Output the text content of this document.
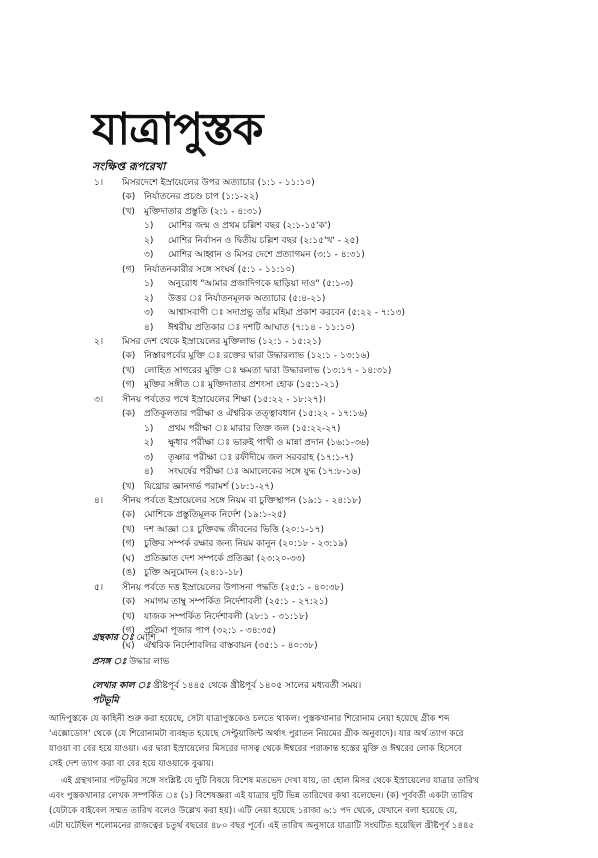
যাত্রাপুস্তক
সংক্ষিপ্ত রূপরেখা
১।	মিসরদেশে ইস্রায়েলের উপর অত্যাচার (১:১ - ১১:১০)
(ক) নির্যাতনের প্রচণ্ড চাপ (১:১-২২)
(খ)	মুক্তিদাতার প্রস্তুতি (২:১ - ৪:৩১)
১)	মোশির জন্ম ও প্রথম চল্লিশ বছর (২:১-১৫'ক')
২)	মোশির নির্বাসন ও দ্বিতীয় চল্লিশ বছর (২:১৫'খ' - ২৫)
৩)	মোশির আহ্বান ও মিসর দেশে প্রত্যাগমন (৩:১ - ৪:৩১)
(গ)	নির্যাতনকারীর সঙ্গে সংঘর্ষ (৫:১ - ১১:১০)
১)	অনুরোধ "আমার প্রজাদিগকে ছাড়িয়া দাও" (৫:১-৩)
২)	উত্তর ঃ নির্যাতনমূলক অত্যাচার (৫:৪-২১)
৩)	আশ্বাসবাণী ঃ সদাপ্রভু তাঁর মহিমা প্রকাশ করবেন (৫:২২ - ৭:১৩)
৪)	ঈশ্বরীয় প্রতিকার ঃ দশটি আঘাত (৭:১৪ - ১১:১০)
২।	মিসর দেশ থেকে ইস্রায়েলের মুক্তিলাভ (১২:১ - ১৫:২১)
(ক) নিস্তারপর্বের মুক্তি ঃ রক্তের দ্বারা উদ্ধারলাভ (১২:১ - ১৩:১৬)
(খ)	লোহিত সাগরের মুক্তি ঃ ক্ষমতা দ্বারা উদ্ধারলাভ (১৩:১৭ - ১৪:৩১)
(গ)	মুক্তির সঙ্গীত ঃ মুক্তিদাতার প্রশংসা হোক (১৫:১-২১)
৩।	সীনয় পর্বতের পথে ইস্রায়েলের শিক্ষা (১৫:২২ - ১৮:২৭)।
(ক) প্রতিকূলতার পরীক্ষা ও ঐশ্বরিক তত্ত্বাবধান (১৫:২২ - ১৭:১৬)
১)	প্রথম পরীক্ষা ঃ মারার তিক্ত জল (১৫:২২-২৭)
২)	ক্ষুধার পরীক্ষা ঃ ভারুই পাখী ও মান্না প্রদান (১৬:১-৩৬)
৩)	তৃষ্ণার পরীক্ষা ঃ রফীদীমে জল সরবরাহ (১৭:১-৭)
৪)	সংঘর্ষের পরীক্ষা ঃ অমালেকের সঙ্গে যুদ্ধ (১৭:৮-১৬)
(খ)	যিথ্রোর জ্ঞানগর্ভ পরামর্শ (১৮:১-২৭)
৪।	সীনয় পর্বতে ইস্রায়েলের সঙ্গে নিয়ম বা চুক্তিস্থাপন (১৯:১ - ২৪:১৮)
(ক) মোশিকে প্রস্তুতিমূলক নির্দেশ (১৯:১-২৫)
(খ)	দশ আজ্ঞা ঃ চুক্তিবদ্ধ জীবনের ভিত্তি (২০:১-১৭)
(গ)	চুক্তির সম্পর্ক রক্ষার জন্য নিয়ম কানুন (২০:১৮ - ২৩:১৯)
(ঘ)	প্রতিজ্ঞাত দেশ সম্পর্কে প্রতিজ্ঞা (২৩:২০-৩৩)
(ঙ) চুক্তি অনুমোদন (২৪:১-১৮)
৫।	সীনয় পর্বতে দত্ত ইস্রায়েলের উপাসনা পদ্ধতি (২৫:১ - ৪০:৩৮)
(ক) সমাগম তাম্বু সম্পর্কিত নির্দেশাবলী (২৫:১ - ২৭:২১)
(খ)	যাজক সম্পর্কিত নির্দেশাবলী (২৮:১ - ৩১:১৮)
(গ)	প্রতিমা পূজার পাপ (৩২:১ - ৩৪:৩৫)
(ঘ)	ঐশ্বরিক নির্দেশাবলির বাস্তবায়ন (৩৫:১ - ৪০:৩৮)

গ্রন্থকার ঃ মোশি

প্রসঙ্গ ঃ উদ্ধার লাভ

লেখার কাল ঃ খ্রীষ্টপূর্ব ১৪৪৫ থেকে খ্রীষ্টপূর্ব ১৪০৫ সালের মধ্যবর্তী সময়।

পটভূমি
আদিপুস্তকে যে কাহিনী শুরু করা হয়েছে, সেটা যাত্রাপুস্তকেও চলতে থাকল। পুস্তকখানার শিরোনাম নেয়া হয়েছে গ্রীক শব্দ
'এক্সোডোস' থেকে (যে শিরোনামটা ব্যবহৃত হয়েছে সেপ্টুয়াজিন্ট অর্থাৎ পুরাতন নিয়মের গ্রীক অনুবাদে)। যার অর্থ ত্যাগ করে
যাওয়া বা বের হয়ে যাওয়া। এর দ্বারা ইস্রায়েলের মিসরের দাসত্ব থেকে ঈশ্বরের পরাক্রান্ত হস্তের মুক্তি ও ঈশ্বরের লোক হিসেবে
সেই দেশ ত্যাগ করা বা বের হয়ে যাওয়াকে বুঝায়।
এই গ্রন্থখানার পটভূমির সঙ্গে সংশ্লিষ্ট যে দুটি বিষয়ে বিশেষ মতভেদ দেখা যায়, তা হোল মিসর থেকে ইস্রায়েলের যাত্রার তারিখ
এবং পুস্তকখানার লেখক সম্পর্কিত ঃ (১) বিশেষজ্ঞরা এই যাত্রার দুটি ভিন্ন তারিখের কথা বলেছেন। (ক) পূর্ববর্তী একটা তারিখ
(যেটাকে বাইবেল সম্মত তারিখ বলেও উল্লেখ করা হয়)। এটি নেয়া হয়েছে ১রাজা ৬:১ পদ থেকে, যেখানে বলা হয়েছে যে,
এটা ঘটেছিল শলোমনের রাজত্বের চতুর্থ বছরের ৪৮০ বছর পূর্বে। এই তারিখ অনুসারে যাত্রাটি সংঘটিত হয়েছিল খ্রীষ্টপূর্ব ১৪৪৫
